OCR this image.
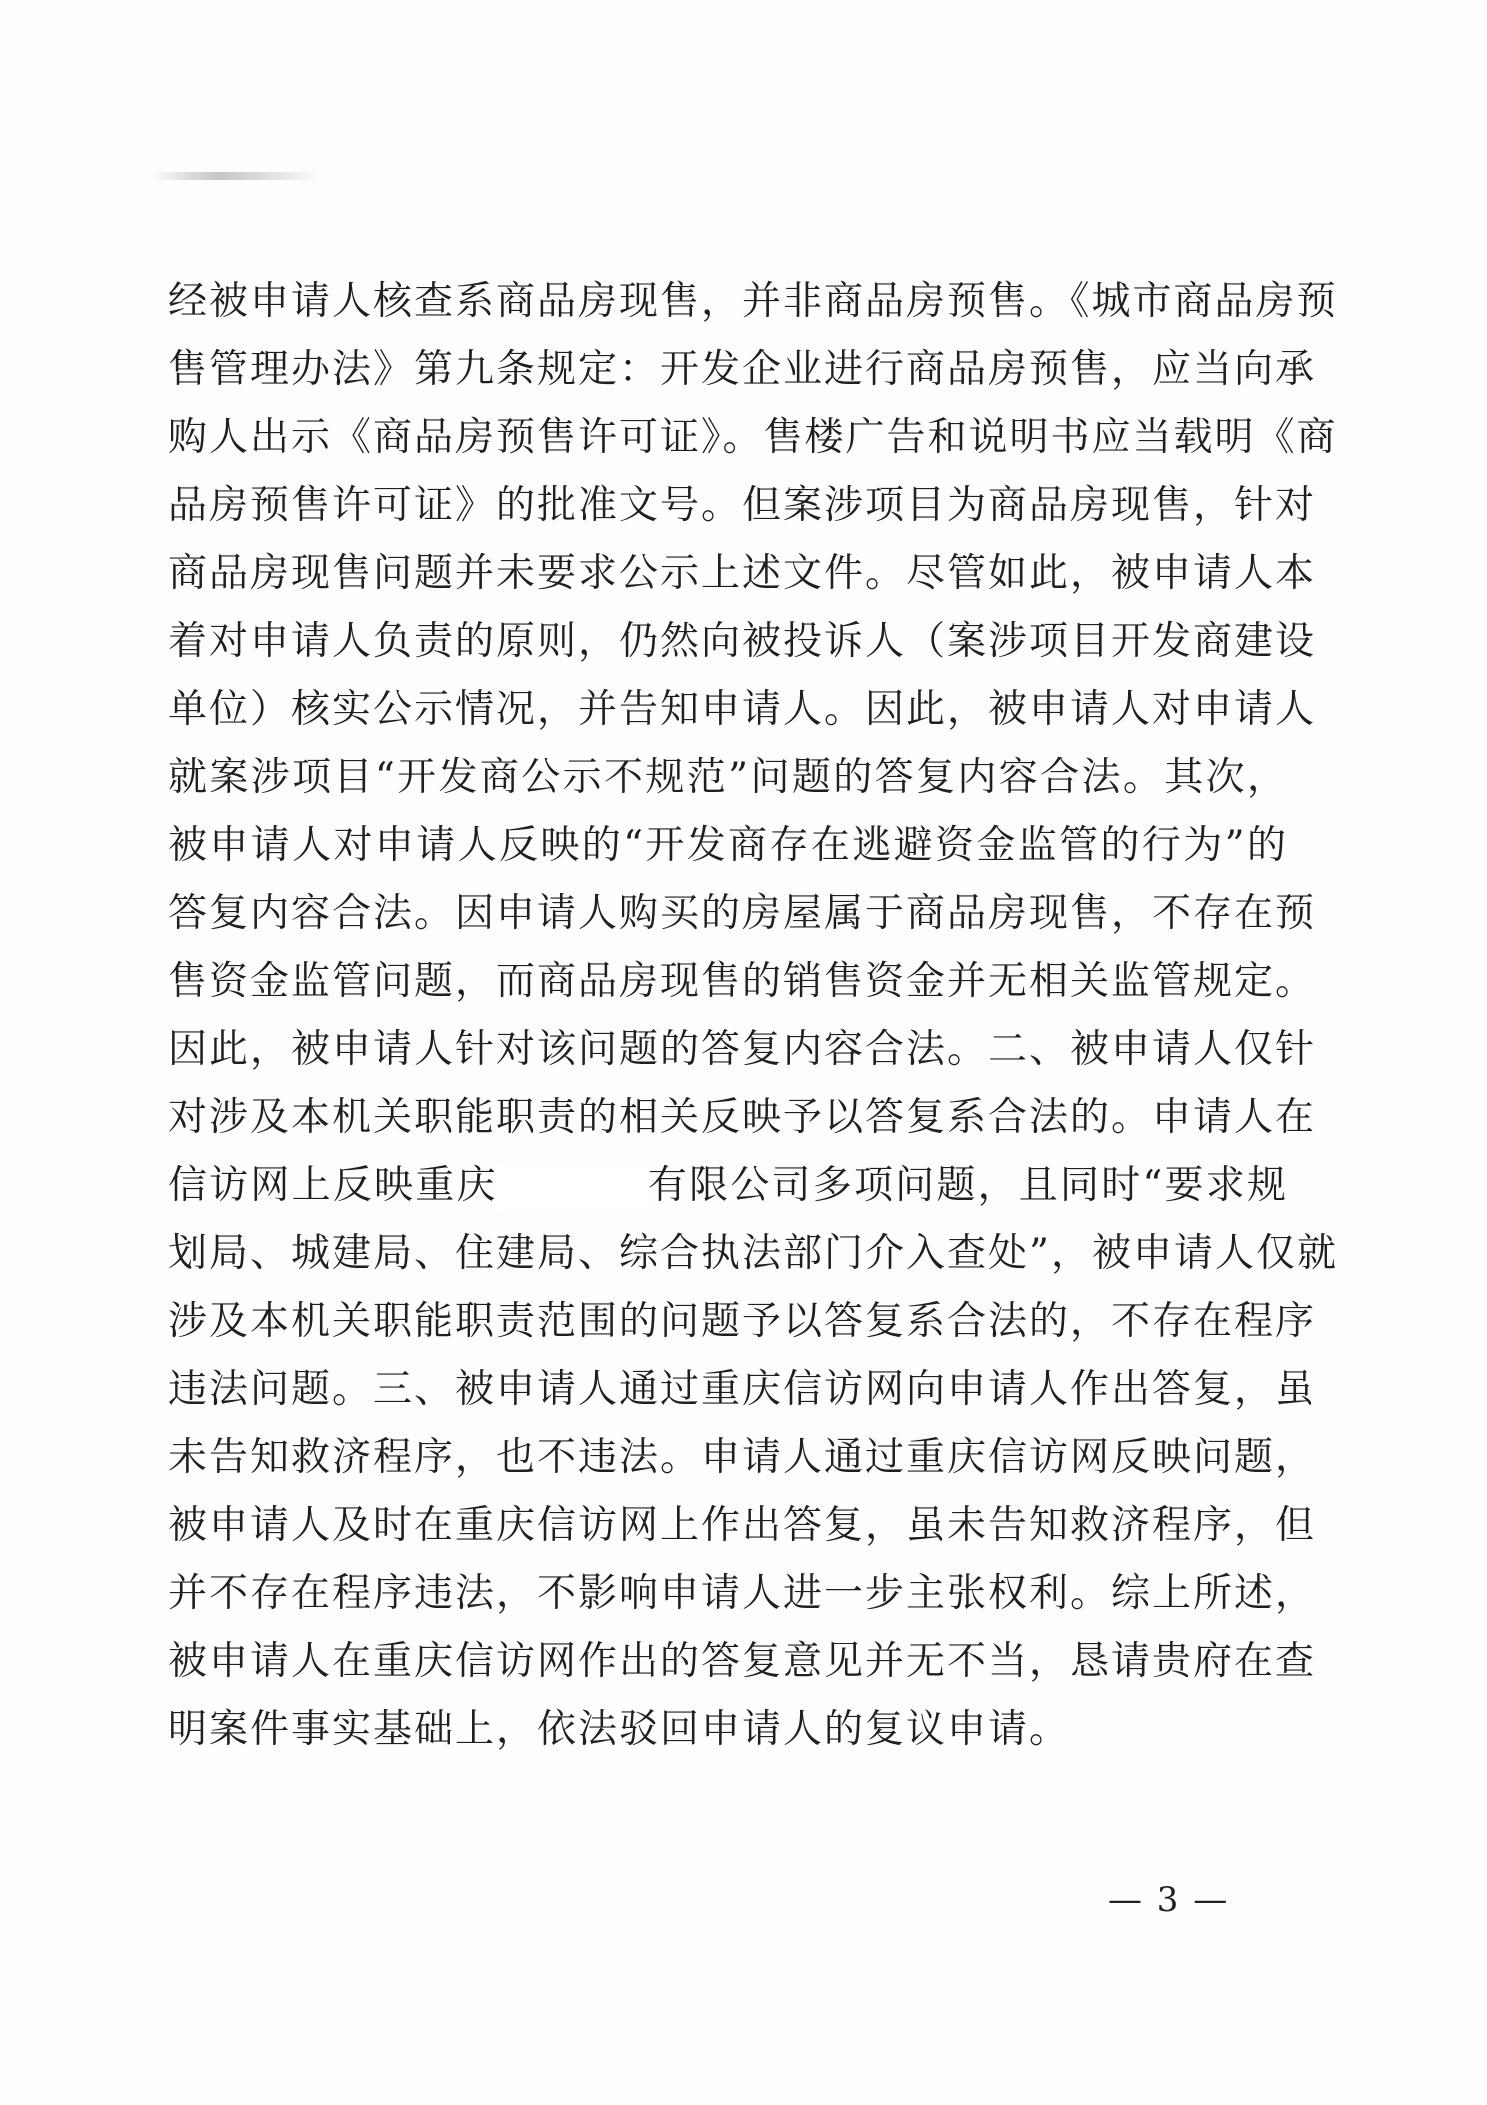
经被申请人核查系商品房现售，并非商品房预售。《城市商品房预
售管理办法》第九条规定：开发企业进行商品房预售，应当向承
购人出示《商品房预售许可证》。售楼广告和说明书应当载明《商
品房预售许可证》的批准文号。但案涉项目为商品房现售，针对
商品房现售问题并未要求公示上述文件。尽管如此，被申请人本
着对申请人负责的原则，仍然向被投诉人（案涉项目开发商建设
单位）核实公示情况，并告知申请人。因此，被申请人对申请人
就案涉项目“开发商公示不规范”问题的答复内容合法。其次，
被申请人对申请人反映的“开发商存在逃避资金监管的行为”的
答复内容合法。因申请人购买的房屋属于商品房现售，不存在预
售资金监管问题，而商品房现售的销售资金并无相关监管规定。
因此，被申请人针对该问题的答复内容合法。二、被申请人仅针
对涉及本机关职能职责的相关反映予以答复系合法的。申请人在
信访网上反映重庆	有限公司多项问题，且同时“要求规
划局、城建局、住建局、综合执法部门介入查处”，被申请人仅就
涉及本机关职能职责范围的问题予以答复系合法的，不存在程序
违法问题。三、被申请人通过重庆信访网向申请人作出答复，虽
未告知救济程序，也不违法。申请人通过重庆信访网反映问题，
被申请人及时在重庆信访网上作出答复，虽未告知救济程序，但
并不存在程序违法，不影响申请人进一步主张权利。综上所述，
被申请人在重庆信访网作出的答复意见并无不当，恳请贵府在查
明案件事实基础上，依法驳回申请人的复议申请。
— 3 —
